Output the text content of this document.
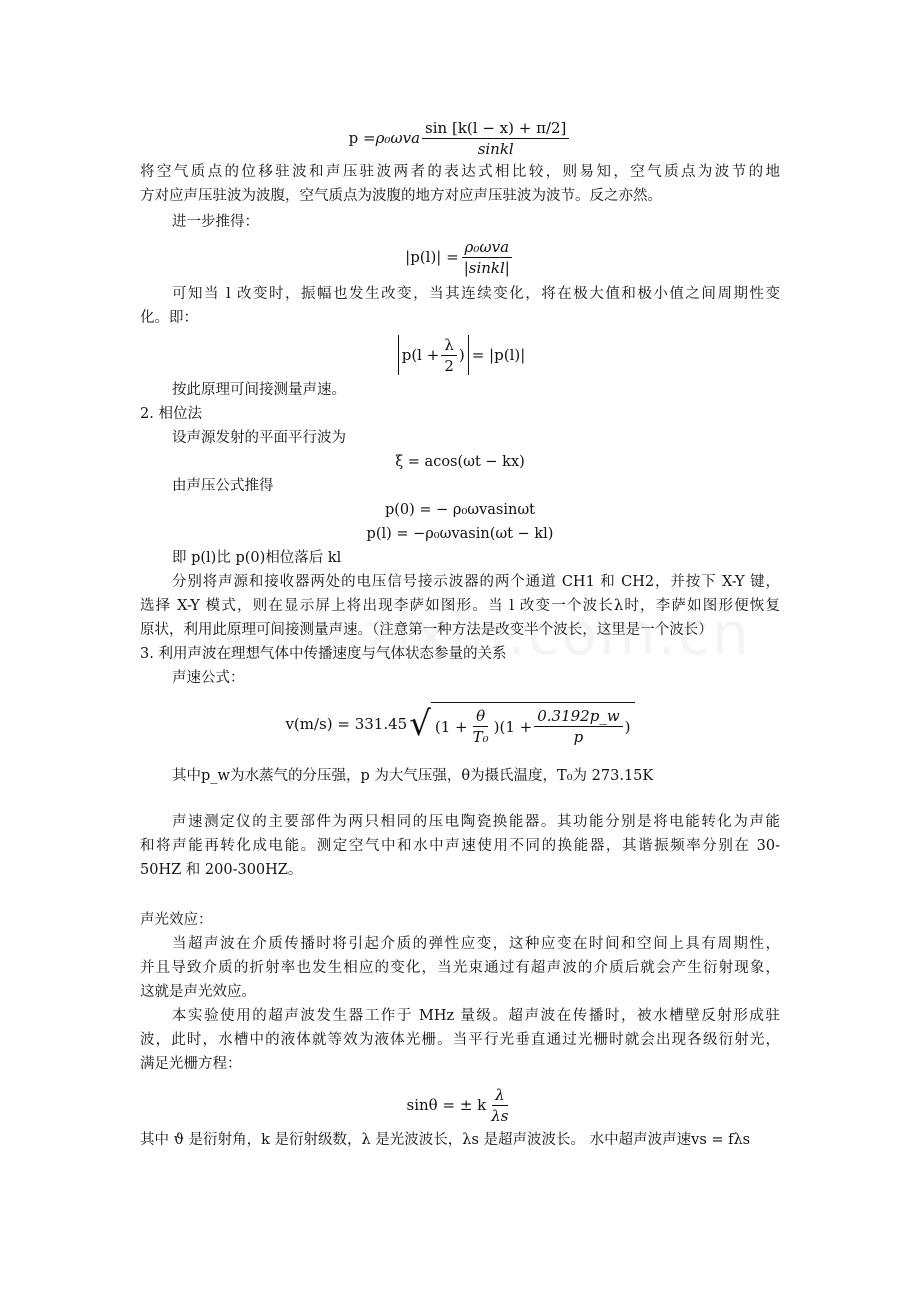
$p = \rho_0\omega va \frac{\sin [k(l - x) + \pi/2]}{\text{sinkl}}$
将空气质点的位移驻波和声压驻波两者的表达式相比较，则易知，空气质点为波节的地
方对应声压驻波为波腹，空气质点为波腹的地方对应声压驻波为波节。反之亦然。
进一步推得：
$|p(l)| = \frac{\text{ρ₀ωva}}{\text{|sinkl|}}$
可知当 l 改变时，振幅也发生改变，当其连续变化，将在极大值和极小值之间周期性变
化。即：
$p(l + \frac{\lambda}{2}$ ) = |p(l)|
按此原理可间接测量声速。
2. 相位法
设声源发射的平面平行波为
ξ = acos(ωt − kx)
由声压公式推得
p(0) = − ρ₀ωvasinωt
p(l) = −ρ₀ωvasin(ωt − kl)
即 p(l)比 p(0)相位落后 kl
分别将声源和接收器两处的电压信号接示波器的两个通道 CH1 和 CH2，并按下 X-Y 键，
选择 X-Y 模式，则在显示屏上将出现李萨如图形。当 l 改变一个波长λ时，李萨如图形便恢复
原状，利用此原理可间接测量声速。（注意第一种方法是改变半个波长，这里是一个波长）
3. 利用声波在理想气体中传播速度与气体状态参量的关系
声速公式：
v(m/s) = 331.45 √ ($1 + \frac{\theta}{\text{T₀}}$ ) ($1 + \frac{0.3192p\_w}{p}$ )
其中p_w为水蒸气的分压强，p 为大气压强，θ为摄氏温度，T₀为 273.15K
声速测定仪的主要部件为两只相同的压电陶瓷换能器。其功能分别是将电能转化为声能
和将声能再转化成电能。测定空气中和水中声速使用不同的换能器，其谐振频率分别在 30-
50HZ 和 200-300HZ。
声光效应：
当超声波在介质传播时将引起介质的弹性应变，这种应变在时间和空间上具有周期性，
并且导致介质的折射率也发生相应的变化，当光束通过有超声波的介质后就会产生衍射现象，
这就是声光效应。
本实验使用的超声波发生器工作于 MHz 量级。超声波在传播时，被水槽壁反射形成驻
波，此时，水槽中的液体就等效为液体光栅。当平行光垂直通过光栅时就会出现各级衍射光，
满足光栅方程：
sinθ = ± k $\frac{\lambda}{\lambda s}$
其中 ϑ 是衍射角，k 是衍射级数，λ 是光波波长，λs 是超声波波长。 水中超声波声速vs = fλs
